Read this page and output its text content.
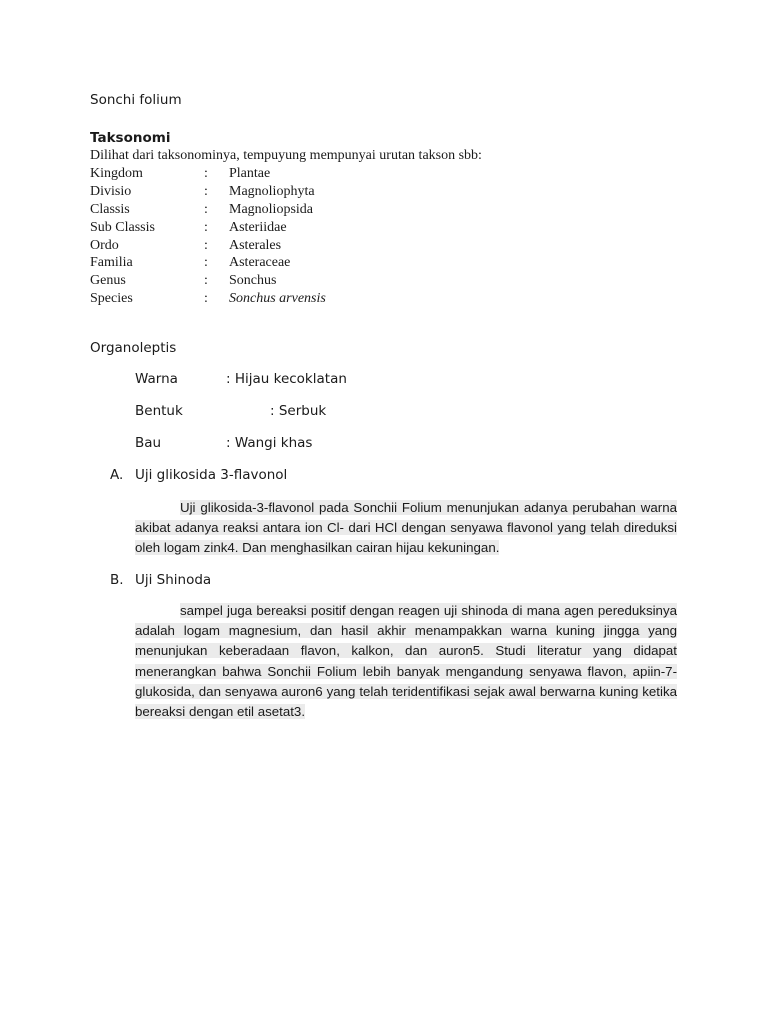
Sonchi folium
Taksonomi
Dilihat dari taksonominya, tempuyung mempunyai urutan takson sbb:
Kingdom	: Plantae
Divisio	: Magnoliophyta
Classis	: Magnoliopsida
Sub Classis	: Asteriidae
Ordo	: Asterales
Familia	: Asteraceae
Genus	: Sonchus
Species	: Sonchus arvensis
Organoleptis
Warna	: Hijau kecoklatan
Bentuk	: Serbuk
Bau	: Wangi khas
A. Uji glikosida 3-flavonol
Uji glikosida-3-flavonol pada Sonchii Folium menunjukan adanya perubahan warna akibat adanya reaksi antara ion Cl- dari HCl dengan senyawa flavonol yang telah direduksi oleh logam zink4. Dan menghasilkan cairan hijau kekuningan.
B. Uji Shinoda
sampel juga bereaksi positif dengan reagen uji shinoda di mana agen pereduksinya adalah logam magnesium, dan hasil akhir menampakkan warna kuning jingga yang menunjukan keberadaan flavon, kalkon, dan auron5. Studi literatur yang didapat menerangkan bahwa Sonchii Folium lebih banyak mengandung senyawa flavon, apiin-7-glukosida, dan senyawa auron6 yang telah teridentifikasi sejak awal berwarna kuning ketika bereaksi dengan etil asetat3.
